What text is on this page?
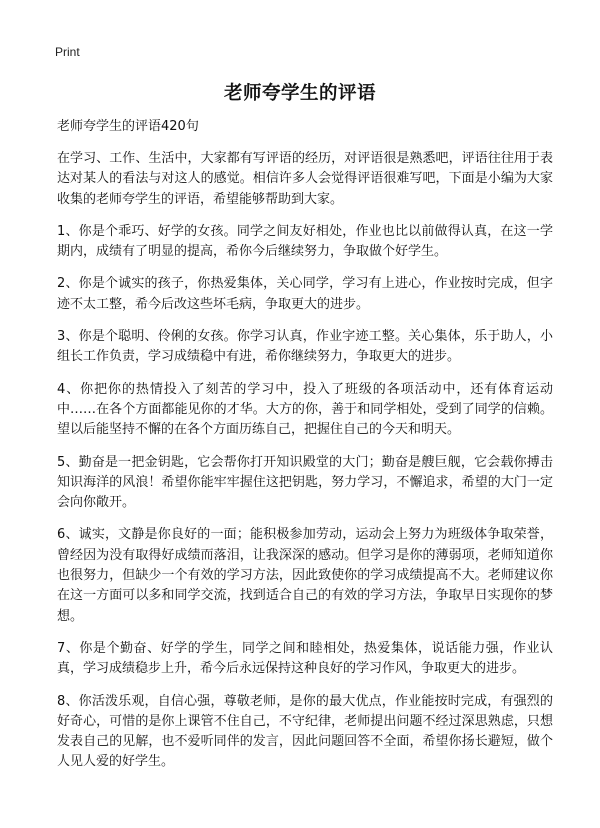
Print
老师夸学生的评语

老师夸学生的评语420句

在学习、工作、生活中，大家都有写评语的经历，对评语很是熟悉吧，评语往往用于表达对某人的看法与对这人的感觉。相信许多人会觉得评语很难写吧，下面是小编为大家收集的老师夸学生的评语，希望能够帮助到大家。

1、你是个乖巧、好学的女孩。同学之间友好相处，作业也比以前做得认真，在这一学期内，成绩有了明显的提高，希你今后继续努力，争取做个好学生。

2、你是个诚实的孩子，你热爱集体，关心同学，学习有上进心，作业按时完成，但字迹不太工整，希今后改这些坏毛病，争取更大的进步。

3、你是个聪明、伶俐的女孩。你学习认真，作业字迹工整。关心集体，乐于助人，小组长工作负责，学习成绩稳中有进，希你继续努力，争取更大的进步。

4、你把你的热情投入了刻苦的学习中，投入了班级的各项活动中，还有体育运动中……在各个方面都能见你的才华。大方的你，善于和同学相处，受到了同学的信赖。望以后能坚持不懈的在各个方面历练自己，把握住自己的今天和明天。

5、勤奋是一把金钥匙，它会帮你打开知识殿堂的大门；勤奋是艘巨舰，它会载你搏击知识海洋的风浪！希望你能牢牢握住这把钥匙，努力学习，不懈追求，希望的大门一定会向你敞开。

6、诚实，文静是你良好的一面；能积极参加劳动，运动会上努力为班级体争取荣誉，曾经因为没有取得好成绩而落泪，让我深深的感动。但学习是你的薄弱项，老师知道你也很努力，但缺少一个有效的学习方法，因此致使你的学习成绩提高不大。老师建议你在这一方面可以多和同学交流，找到适合自己的有效的学习方法，争取早日实现你的梦想。

7、你是个勤奋、好学的学生，同学之间和睦相处，热爱集体，说话能力强，作业认真，学习成绩稳步上升，希今后永远保持这种良好的学习作风，争取更大的进步。

8、你活泼乐观，自信心强，尊敬老师，是你的最大优点，作业能按时完成，有强烈的好奇心，可惜的是你上课管不住自己，不守纪律，老师提出问题不经过深思熟虑，只想发表自己的见解，也不爱听同伴的发言，因此问题回答不全面，希望你扬长避短，做个人见人爱的好学生。
